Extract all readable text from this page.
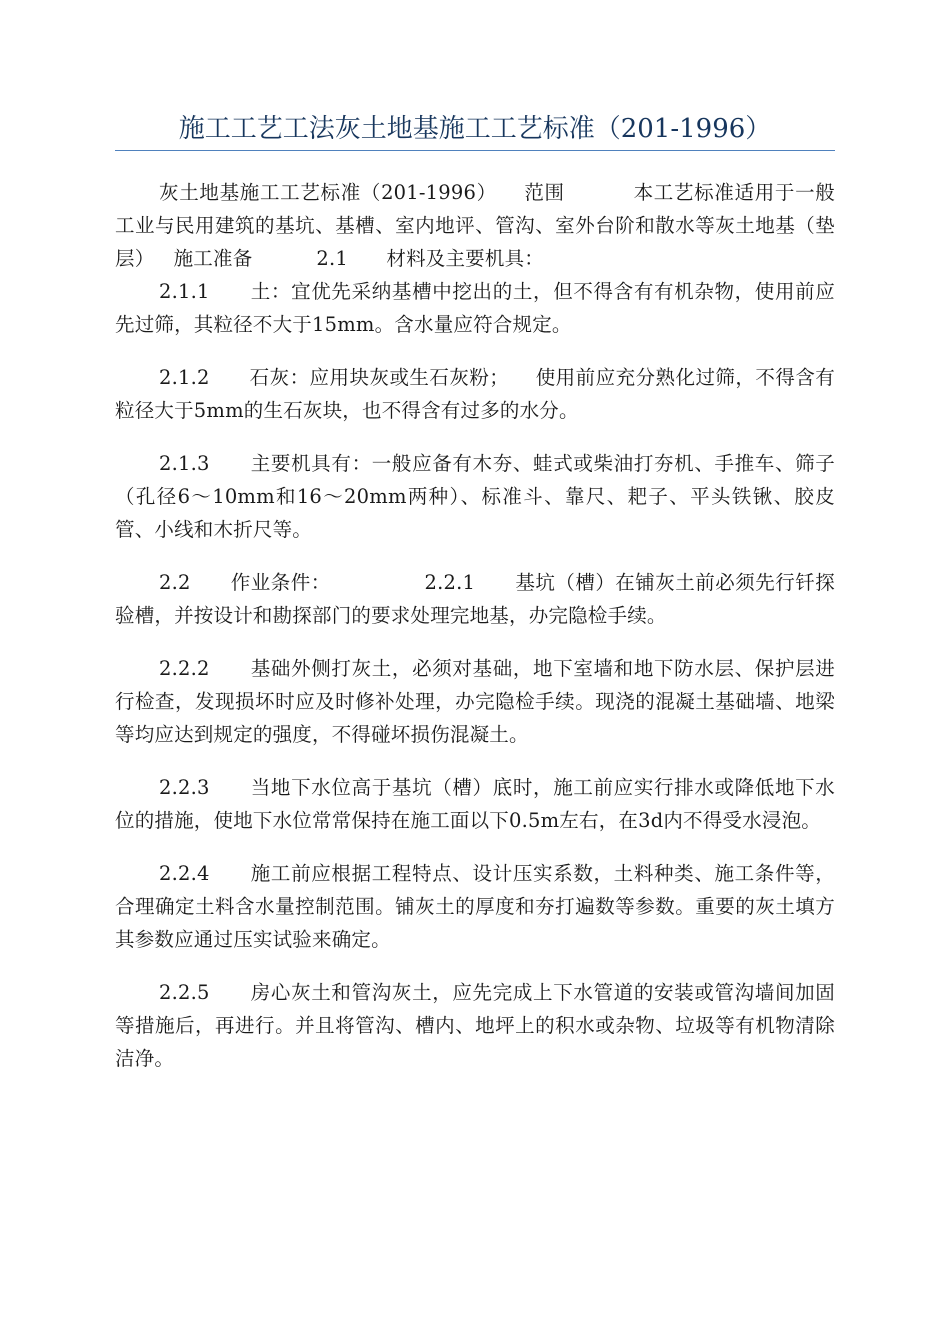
施工工艺工法灰土地基施工工艺标准（201-1996）

灰土地基施工工艺标准（201-1996）    范围          本工艺标准适用于一般工业与民用建筑的基坑、基槽、室内地评、管沟、室外台阶和散水等灰土地基（垫层）   施工准备          2.1      材料及主要机具：

2.1.1      土：宜优先采纳基槽中挖出的土，但不得含有有机杂物，使用前应先过筛，其粒径不大于15mm。含水量应符合规定。

2.1.2      石灰：应用块灰或生石灰粉；    使用前应充分熟化过筛，不得含有粒径大于5mm的生石灰块，也不得含有过多的水分。

2.1.3      主要机具有：一般应备有木夯、蛙式或柴油打夯机、手推车、筛子（孔径6～10mm和16～20mm两种）、标准斗、靠尺、耙子、平头铁锹、胶皮管、小线和木折尺等。

2.2      作业条件：              2.2.1      基坑（槽）在铺灰土前必须先行钎探验槽，并按设计和勘探部门的要求处理完地基，办完隐检手续。

2.2.2      基础外侧打灰土，必须对基础，地下室墙和地下防水层、保护层进行检查，发现损坏时应及时修补处理，办完隐检手续。现浇的混凝土基础墙、地梁等均应达到规定的强度，不得碰坏损伤混凝土。

2.2.3      当地下水位高于基坑（槽）底时，施工前应实行排水或降低地下水位的措施，使地下水位常常保持在施工面以下0.5m左右，在3d内不得受水浸泡。

2.2.4      施工前应根据工程特点、设计压实系数，土料种类、施工条件等，合理确定土料含水量控制范围。铺灰土的厚度和夯打遍数等参数。重要的灰土填方其参数应通过压实试验来确定。

2.2.5      房心灰土和管沟灰土，应先完成上下水管道的安装或管沟墙间加固等措施后，再进行。并且将管沟、槽内、地坪上的积水或杂物、垃圾等有机物清除洁净。
